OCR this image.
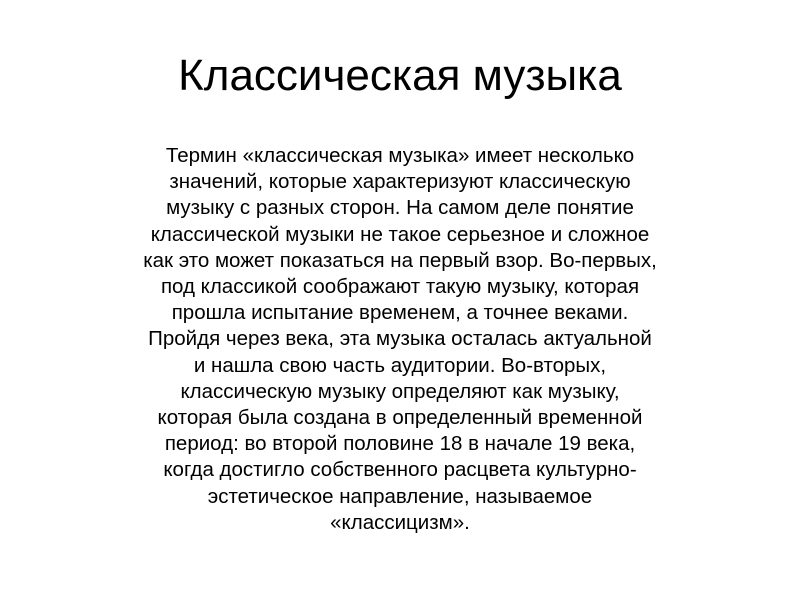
Классическая музыка

Термин «классическая музыка» имеет несколько
значений, которые характеризуют классическую
музыку с разных сторон. На самом деле понятие
классической музыки не такое серьезное и сложное
как это может показаться на первый взор. Во-первых,
под классикой соображают такую музыку, которая
прошла испытание временем, а точнее веками.
Пройдя через века, эта музыка осталась актуальной
и нашла свою часть аудитории. Во-вторых,
классическую музыку определяют как музыку,
которая была создана в определенный временной
период: во второй половине 18 в начале 19 века,
когда достигло собственного расцвета культурно-
эстетическое направление, называемое
«классицизм».
